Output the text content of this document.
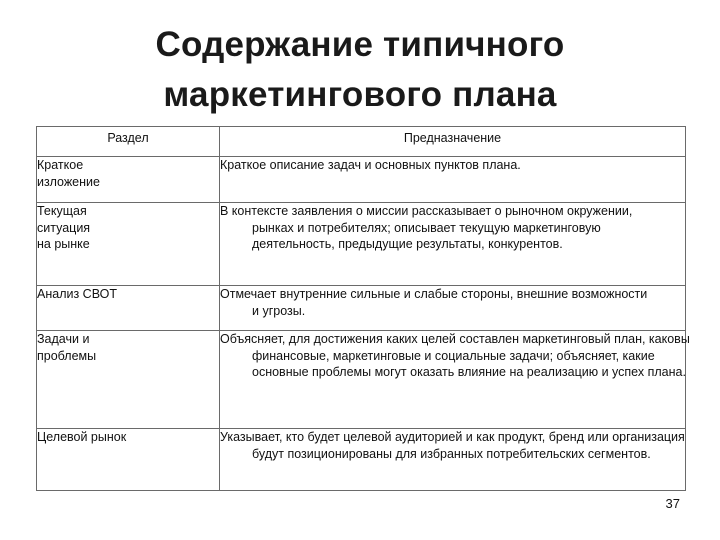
Содержание типичного
маркетингового плана
Раздел	Предназначение

Краткое изложение	Краткое описание задач и основных пунктов плана.

Текущая ситуация на рынке	В контексте заявления о миссии рассказывает о рыночном окружении, рынках и потребителях; описывает текущую маркетинговую деятельность, предыдущие результаты, конкурентов.

Анализ СВОТ	Отмечает внутренние сильные и слабые стороны, внешние возможности и угрозы.

Задачи и проблемы	Объясняет, для достижения каких целей составлен маркетинговый план, каковы финансовые, маркетинговые и социальные задачи; объясняет, какие основные проблемы могут оказать влияние на реализацию и успех плана.

Целевой рынок	Указывает, кто будет целевой аудиторией и как продукт, бренд или организация будут позиционированы для избранных потребительских сегментов.
37
